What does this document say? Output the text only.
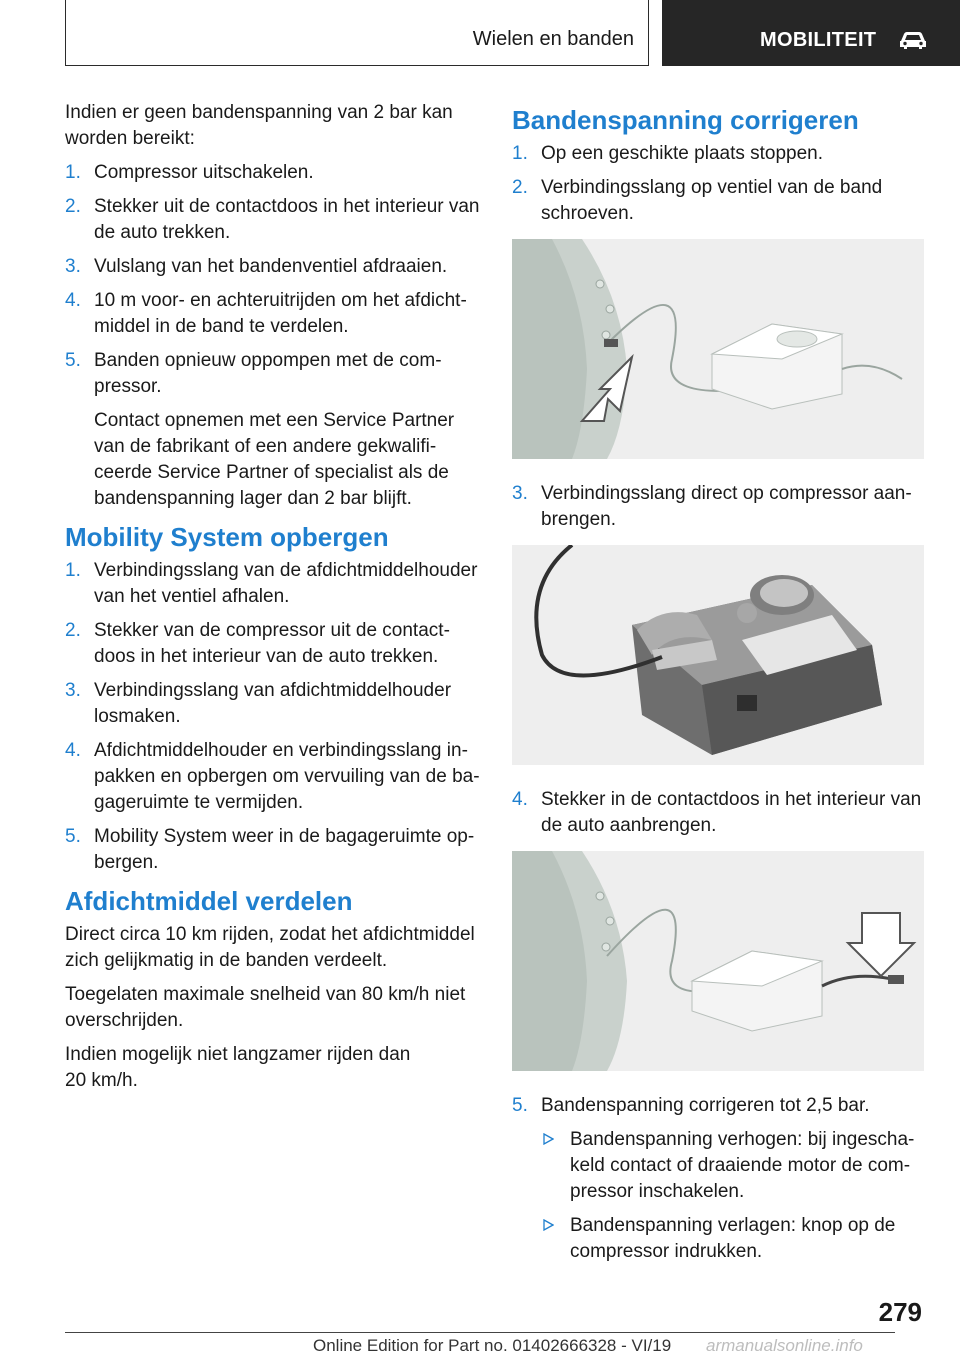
Wielen en banden	MOBILITEIT

Indien er geen bandenspanning van 2 bar kan worden bereikt:

1. Compressor uitschakelen.
2. Stekker uit de contactdoos in het interieur van de auto trekken.
3. Vulslang van het bandenventiel afdraaien.
4. 10 m voor- en achteruitrijden om het afdichtmiddel in de band te verdelen.
5. Banden opnieuw oppompen met de compressor.
Contact opnemen met een Service Partner van de fabrikant of een andere gekwalificeerde Service Partner of specialist als de bandenspanning lager dan 2 bar blijft.
Mobility System opbergen
1. Verbindingsslang van de afdichtmiddelhouder van het ventiel afhalen.
2. Stekker van de compressor uit de contactdoos in het interieur van de auto trekken.
3. Verbindingsslang van afdichtmiddelhouder losmaken.
4. Afdichtmiddelhouder en verbindingsslang inpakken en opbergen om vervuiling van de bagageruimte te vermijden.
5. Mobility System weer in de bagageruimte opbergen.
Afdichtmiddel verdelen

Direct circa 10 km rijden, zodat het afdichtmiddel zich gelijkmatig in de banden verdeelt.

Toegelaten maximale snelheid van 80 km/h niet overschrijden.

Indien mogelijk niet langzamer rijden dan 20 km/h.

Bandenspanning corrigeren
1. Op een geschikte plaats stoppen.
2. Verbindingsslang op ventiel van de band schroeven.
3. Verbindingsslang direct op compressor aanbrengen.
4. Stekker in de contactdoos in het interieur van de auto aanbrengen.
5. Bandenspanning corrigeren tot 2,5 bar.
Bandenspanning verhogen: bij ingeschakeld contact of draaiende motor de compressor inschakelen.
Bandenspanning verlagen: knop op de compressor indrukken.
279
Online Edition for Part no. 01402666328 - VI/19 armanualsonline.info
